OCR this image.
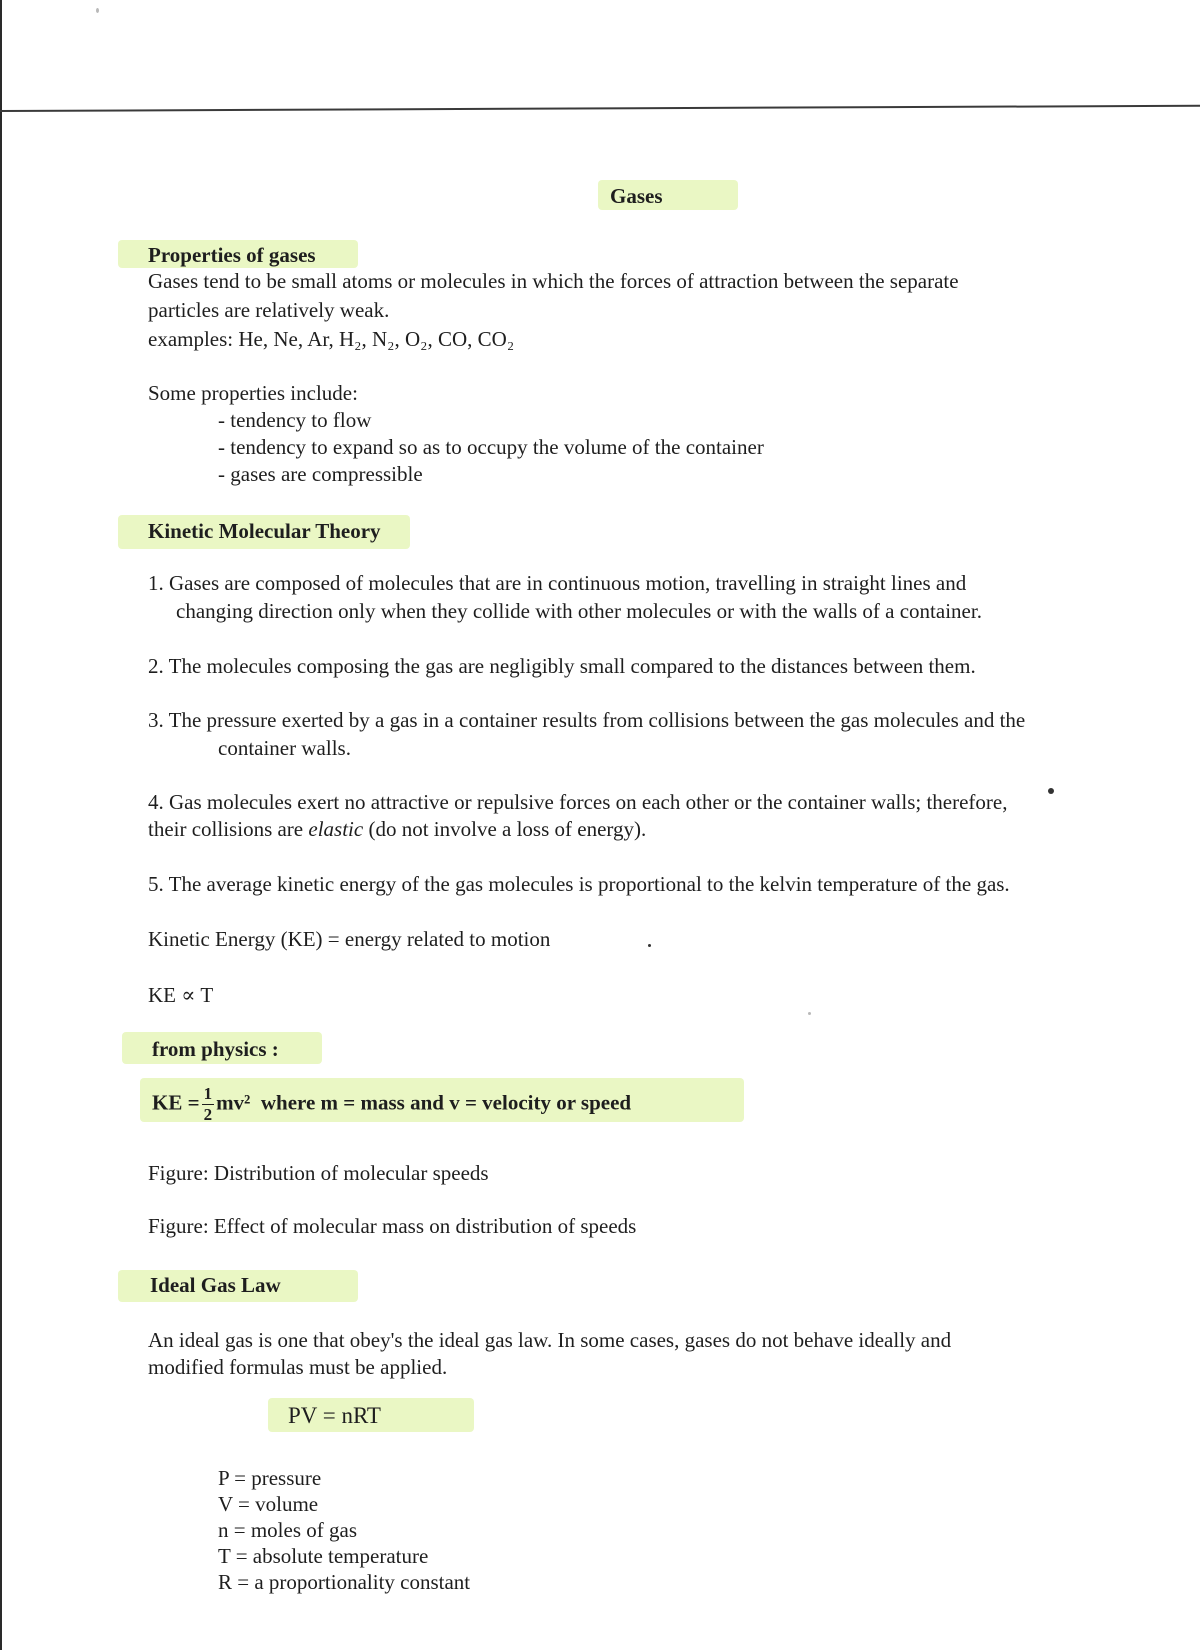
Gases
Properties of gases
Gases tend to be small atoms or molecules in which the forces of attraction between the separate
particles are relatively weak.
examples: He, Ne, Ar, H₂, N₂, O₂, CO, CO₂
Some properties include:
- tendency to flow
- tendency to expand so as to occupy the volume of the container
- gases are compressible
Kinetic Molecular Theory
1. Gases are composed of molecules that are in continuous motion, travelling in straight lines and
changing direction only when they collide with other molecules or with the walls of a container.
2. The molecules composing the gas are negligibly small compared to the distances between them.
3. The pressure exerted by a gas in a container results from collisions between the gas molecules and the
container walls.
4. Gas molecules exert no attractive or repulsive forces on each other or the container walls; therefore,
their collisions are elastic (do not involve a loss of energy).
5. The average kinetic energy of the gas molecules is proportional to the kelvin temperature of the gas.
Kinetic Energy (KE) = energy related to motion
KE ∝ T
from physics :
KE = $\frac{1}{2} mv^2$ where m = mass and v = velocity or speed
Figure: Distribution of molecular speeds
Figure: Effect of molecular mass on distribution of speeds
Ideal Gas Law
An ideal gas is one that obey's the ideal gas law. In some cases, gases do not behave ideally and
modified formulas must be applied.
PV = nRT
P = pressure
V = volume
n = moles of gas
T = absolute temperature
R = a proportionality constant
